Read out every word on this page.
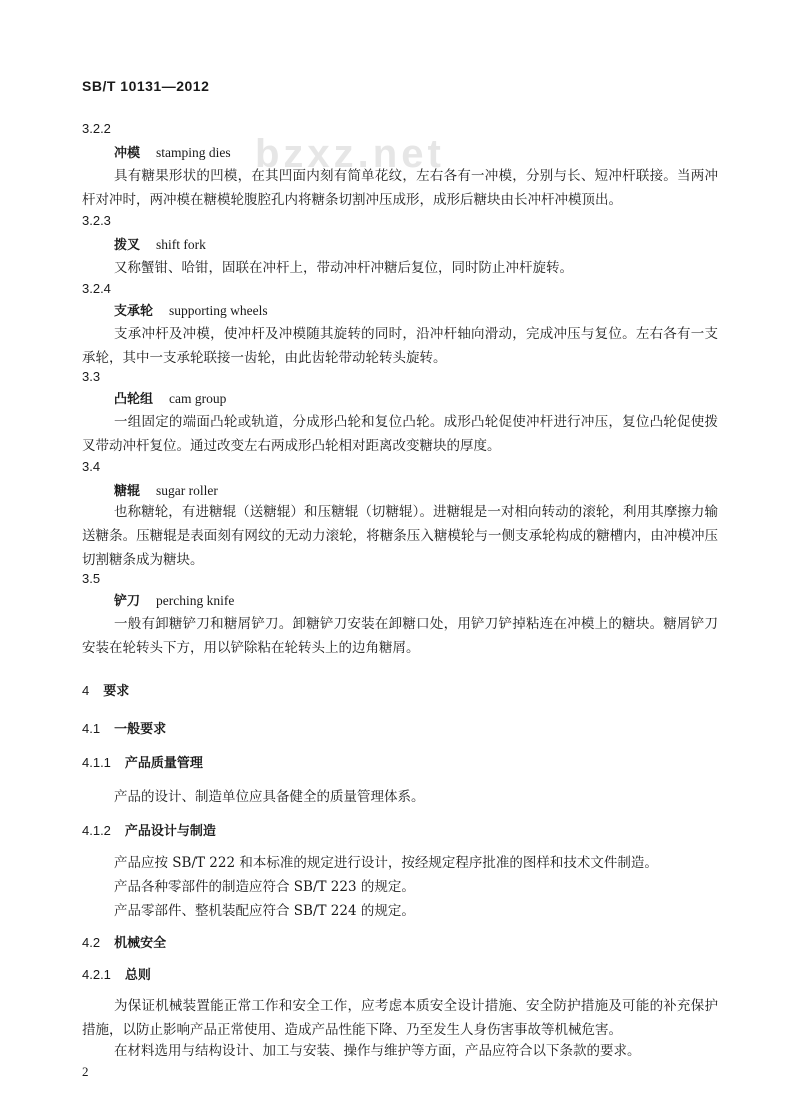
SB/T 10131—2012
bzxz.net
3.2.2
冲模 stamping dies
具有糖果形状的凹模，在其凹面内刻有简单花纹，左右各有一冲模，分别与长、短冲杆联接。当两冲杆对冲时，两冲模在糖模轮腹腔孔内将糖条切割冲压成形，成形后糖块由长冲杆冲模顶出。
3.2.3
拨叉 shift fork
又称蟹钳、哈钳，固联在冲杆上，带动冲杆冲糖后复位，同时防止冲杆旋转。
3.2.4
支承轮 supporting wheels
支承冲杆及冲模，使冲杆及冲模随其旋转的同时，沿冲杆轴向滑动，完成冲压与复位。左右各有一支承轮，其中一支承轮联接一齿轮，由此齿轮带动轮转头旋转。
3.3
凸轮组 cam group
一组固定的端面凸轮或轨道，分成形凸轮和复位凸轮。成形凸轮促使冲杆进行冲压，复位凸轮促使拨叉带动冲杆复位。通过改变左右两成形凸轮相对距离改变糖块的厚度。
3.4
糖辊 sugar roller
也称糖轮，有进糖辊（送糖辊）和压糖辊（切糖辊）。进糖辊是一对相向转动的滚轮，利用其摩擦力输送糖条。压糖辊是表面刻有网纹的无动力滚轮，将糖条压入糖模轮与一侧支承轮构成的糖槽内，由冲模冲压切割糖条成为糖块。
3.5
铲刀 perching knife
一般有卸糖铲刀和糖屑铲刀。卸糖铲刀安装在卸糖口处，用铲刀铲掉粘连在冲模上的糖块。糖屑铲刀安装在轮转头下方，用以铲除粘在轮转头上的边角糖屑。
4 要求
4.1 一般要求
4.1.1 产品质量管理
产品的设计、制造单位应具备健全的质量管理体系。
4.1.2 产品设计与制造
产品应按 SB/T 222 和本标准的规定进行设计，按经规定程序批准的图样和技术文件制造。
产品各种零部件的制造应符合 SB/T 223 的规定。
产品零部件、整机装配应符合 SB/T 224 的规定。
4.2 机械安全
4.2.1 总则
为保证机械装置能正常工作和安全工作，应考虑本质安全设计措施、安全防护措施及可能的补充保护措施，以防止影响产品正常使用、造成产品性能下降、乃至发生人身伤害事故等机械危害。
在材料选用与结构设计、加工与安装、操作与维护等方面，产品应符合以下条款的要求。
2
